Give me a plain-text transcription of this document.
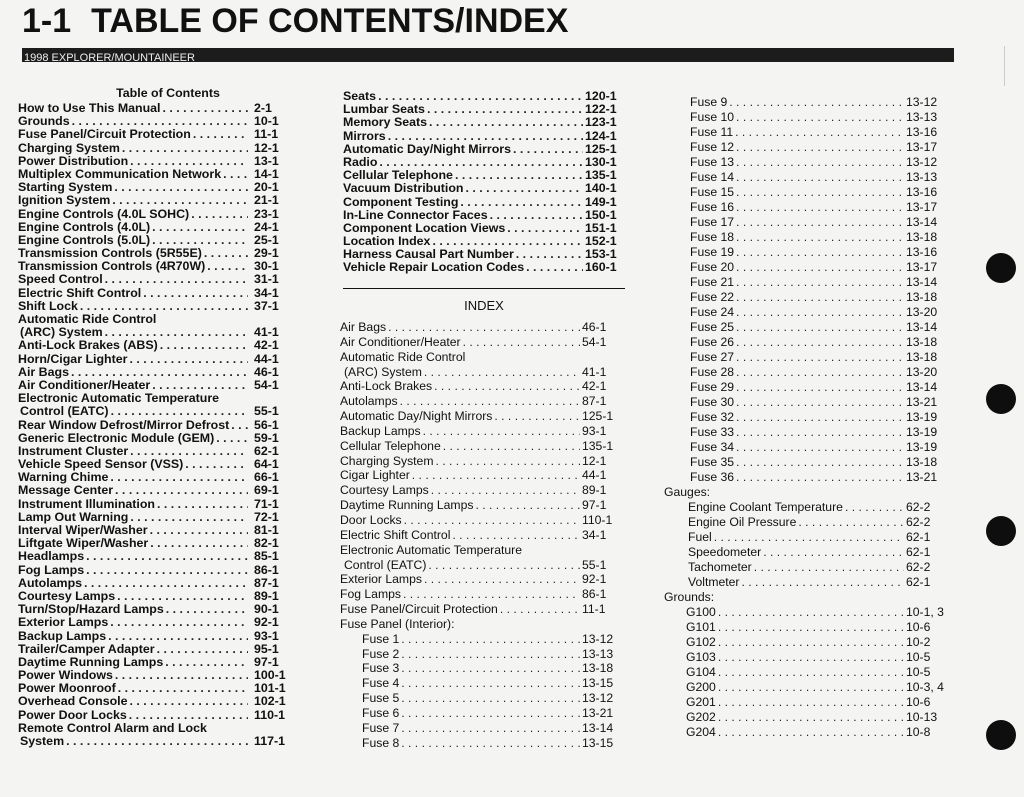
1-1 TABLE OF CONTENTS/INDEX
1998 EXPLORER/MOUNTAINEER
Table of Contents
How to Use This Manual . . .	2-1
Grounds . . .	10-1
Fuse Panel/Circuit Protection . . .	11-1
Charging System . . .	12-1
Power Distribution . . .	13-1
Multiplex Communication Network . . .	14-1
Starting System . . .	20-1
Ignition System . . .	21-1
Engine Controls (4.0L SOHC) . . .	23-1
Engine Controls (4.0L) . . .	24-1
Engine Controls (5.0L) . . .	25-1
Transmission Controls (5R55E) . . .	29-1
Transmission Controls (4R70W) . . .	30-1
Speed Control . . .	31-1
Electric Shift Control . . .	34-1
Shift Lock . . .	37-1
Automatic Ride Control
(ARC) System . . .	41-1
Anti-Lock Brakes (ABS) . . .	42-1
Horn/Cigar Lighter . . .	44-1
Air Bags . . .	46-1
Air Conditioner/Heater . . .	54-1
Electronic Automatic Temperature
Control (EATC) . . .	55-1
Rear Window Defrost/Mirror Defrost . . .	56-1
Generic Electronic Module (GEM) . . .	59-1
Instrument Cluster . . .	62-1
Vehicle Speed Sensor (VSS) . . .	64-1
Warning Chime . . .	66-1
Message Center . . .	69-1
Instrument Illumination . . .	71-1
Lamp Out Warning . . .	72-1
Interval Wiper/Washer . . .	81-1
Liftgate Wiper/Washer . . .	82-1
Headlamps . . .	85-1
Fog Lamps . . .	86-1
Autolamps . . .	87-1
Courtesy Lamps . . .	89-1
Turn/Stop/Hazard Lamps . . .	90-1
Exterior Lamps . . .	92-1
Backup Lamps . . .	93-1
Trailer/Camper Adapter . . .	95-1
Daytime Running Lamps . . .	97-1
Power Windows . . .	100-1
Power Moonroof . . .	101-1
Overhead Console . . .	102-1
Power Door Locks . . .	110-1
Remote Control Alarm and Lock
System . . .	117-1
Seats . . .	120-1
Lumbar Seats . . .	122-1
Memory Seats . . .	123-1
Mirrors . . .	124-1
Automatic Day/Night Mirrors . . .	125-1
Radio . . .	130-1
Cellular Telephone . . .	135-1
Vacuum Distribution . . .	140-1
Component Testing . . .	149-1
In-Line Connector Faces . . .	150-1
Component Location Views . . .	151-1
Location Index . . .	152-1
Harness Causal Part Number . . .	153-1
Vehicle Repair Location Codes . . .	160-1
INDEX
Air Bags . . .	46-1
Air Conditioner/Heater . . .	54-1
Automatic Ride Control
(ARC) System . . .	41-1
Anti-Lock Brakes . . .	42-1
Autolamps . . .	87-1
Automatic Day/Night Mirrors . . .	125-1
Backup Lamps . . .	93-1
Cellular Telephone . . .	135-1
Charging System . . .	12-1
Cigar Lighter . . .	44-1
Courtesy Lamps . . .	89-1
Daytime Running Lamps . . .	97-1
Door Locks . . .	110-1
Electric Shift Control . . .	34-1
Electronic Automatic Temperature
Control (EATC) . . .	55-1
Exterior Lamps . . .	92-1
Fog Lamps . . .	86-1
Fuse Panel/Circuit Protection . . .	11-1
Fuse Panel (Interior):
Fuse 1 . . .	13-12
Fuse 2 . . .	13-13
Fuse 3 . . .	13-18
Fuse 4 . . .	13-15
Fuse 5 . . .	13-12
Fuse 6 . . .	13-21
Fuse 7 . . .	13-14
Fuse 8 . . .	13-15
Fuse 9 . . .	13-12
Fuse 10 . . .	13-13
Fuse 11 . . .	13-16
Fuse 12 . . .	13-17
Fuse 13 . . .	13-12
Fuse 14 . . .	13-13
Fuse 15 . . .	13-16
Fuse 16 . . .	13-17
Fuse 17 . . .	13-14
Fuse 18 . . .	13-18
Fuse 19 . . .	13-16
Fuse 20 . . .	13-17
Fuse 21 . . .	13-14
Fuse 22 . . .	13-18
Fuse 24 . . .	13-20
Fuse 25 . . .	13-14
Fuse 26 . . .	13-18
Fuse 27 . . .	13-18
Fuse 28 . . .	13-20
Fuse 29 . . .	13-14
Fuse 30 . . .	13-21
Fuse 32 . . .	13-19
Fuse 33 . . .	13-19
Fuse 34 . . .	13-19
Fuse 35 . . .	13-18
Fuse 36 . . .	13-21
Gauges:
Engine Coolant Temperature . . .	62-2
Engine Oil Pressure . . .	62-2
Fuel . . .	62-1
Speedometer . . .	62-1
Tachometer . . .	62-2
Voltmeter . . .	62-1
Grounds:
G100 . . .	10-1, 3
G101 . . .	10-6
G102 . . .	10-2
G103 . . .	10-5
G104 . . .	10-5
G200 . . .	10-3, 4
G201 . . .	10-6
G202 . . .	10-13
G204 . . .	10-8
